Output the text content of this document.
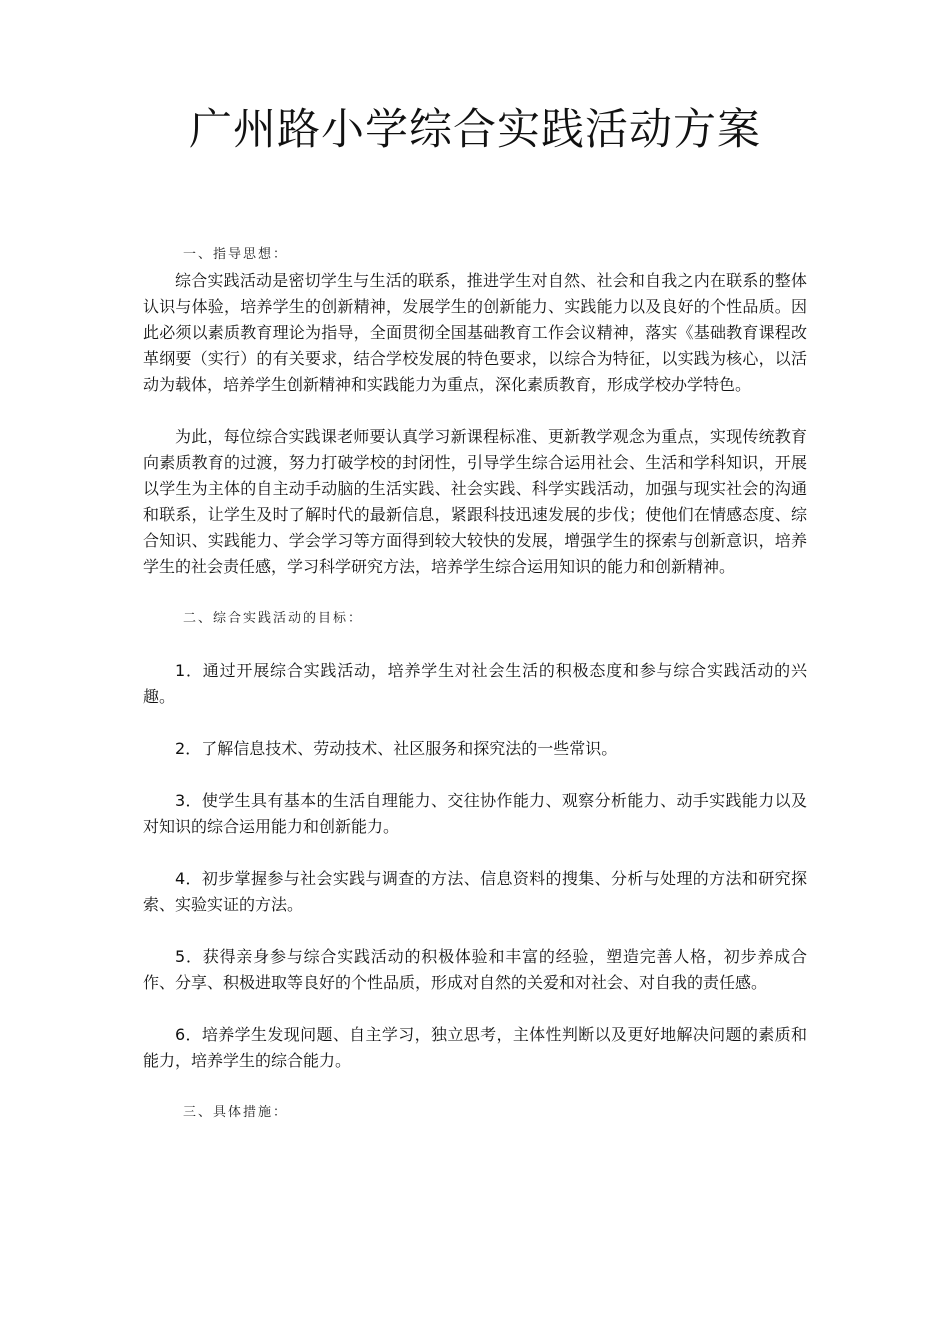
广州路小学综合实践活动方案

一、指导思想：

综合实践活动是密切学生与生活的联系，推进学生对自然、社会和自我之内在联系的整体认识与体验，培养学生的创新精神，发展学生的创新能力、实践能力以及良好的个性品质。因此必须以素质教育理论为指导，全面贯彻全国基础教育工作会议精神，落实《基础教育课程改革纲要（实行）的有关要求，结合学校发展的特色要求，以综合为特征，以实践为核心，以活动为载体，培养学生创新精神和实践能力为重点，深化素质教育，形成学校办学特色。

为此，每位综合实践课老师要认真学习新课程标准、更新教学观念为重点，实现传统教育向素质教育的过渡，努力打破学校的封闭性，引导学生综合运用社会、生活和学科知识，开展以学生为主体的自主动手动脑的生活实践、社会实践、科学实践活动，加强与现实社会的沟通和联系，让学生及时了解时代的最新信息，紧跟科技迅速发展的步伐；使他们在情感态度、综合知识、实践能力、学会学习等方面得到较大较快的发展，增强学生的探索与创新意识，培养学生的社会责任感，学习科学研究方法，培养学生综合运用知识的能力和创新精神。

二、综合实践活动的目标：

1．通过开展综合实践活动，培养学生对社会生活的积极态度和参与综合实践活动的兴趣。

2．了解信息技术、劳动技术、社区服务和探究法的一些常识。

3．使学生具有基本的生活自理能力、交往协作能力、观察分析能力、动手实践能力以及对知识的综合运用能力和创新能力。

4．初步掌握参与社会实践与调查的方法、信息资料的搜集、分析与处理的方法和研究探索、实验实证的方法。

5．获得亲身参与综合实践活动的积极体验和丰富的经验，塑造完善人格，初步养成合作、分享、积极进取等良好的个性品质，形成对自然的关爱和对社会、对自我的责任感。

6．培养学生发现问题、自主学习，独立思考，主体性判断以及更好地解决问题的素质和能力，培养学生的综合能力。

三、具体措施：
